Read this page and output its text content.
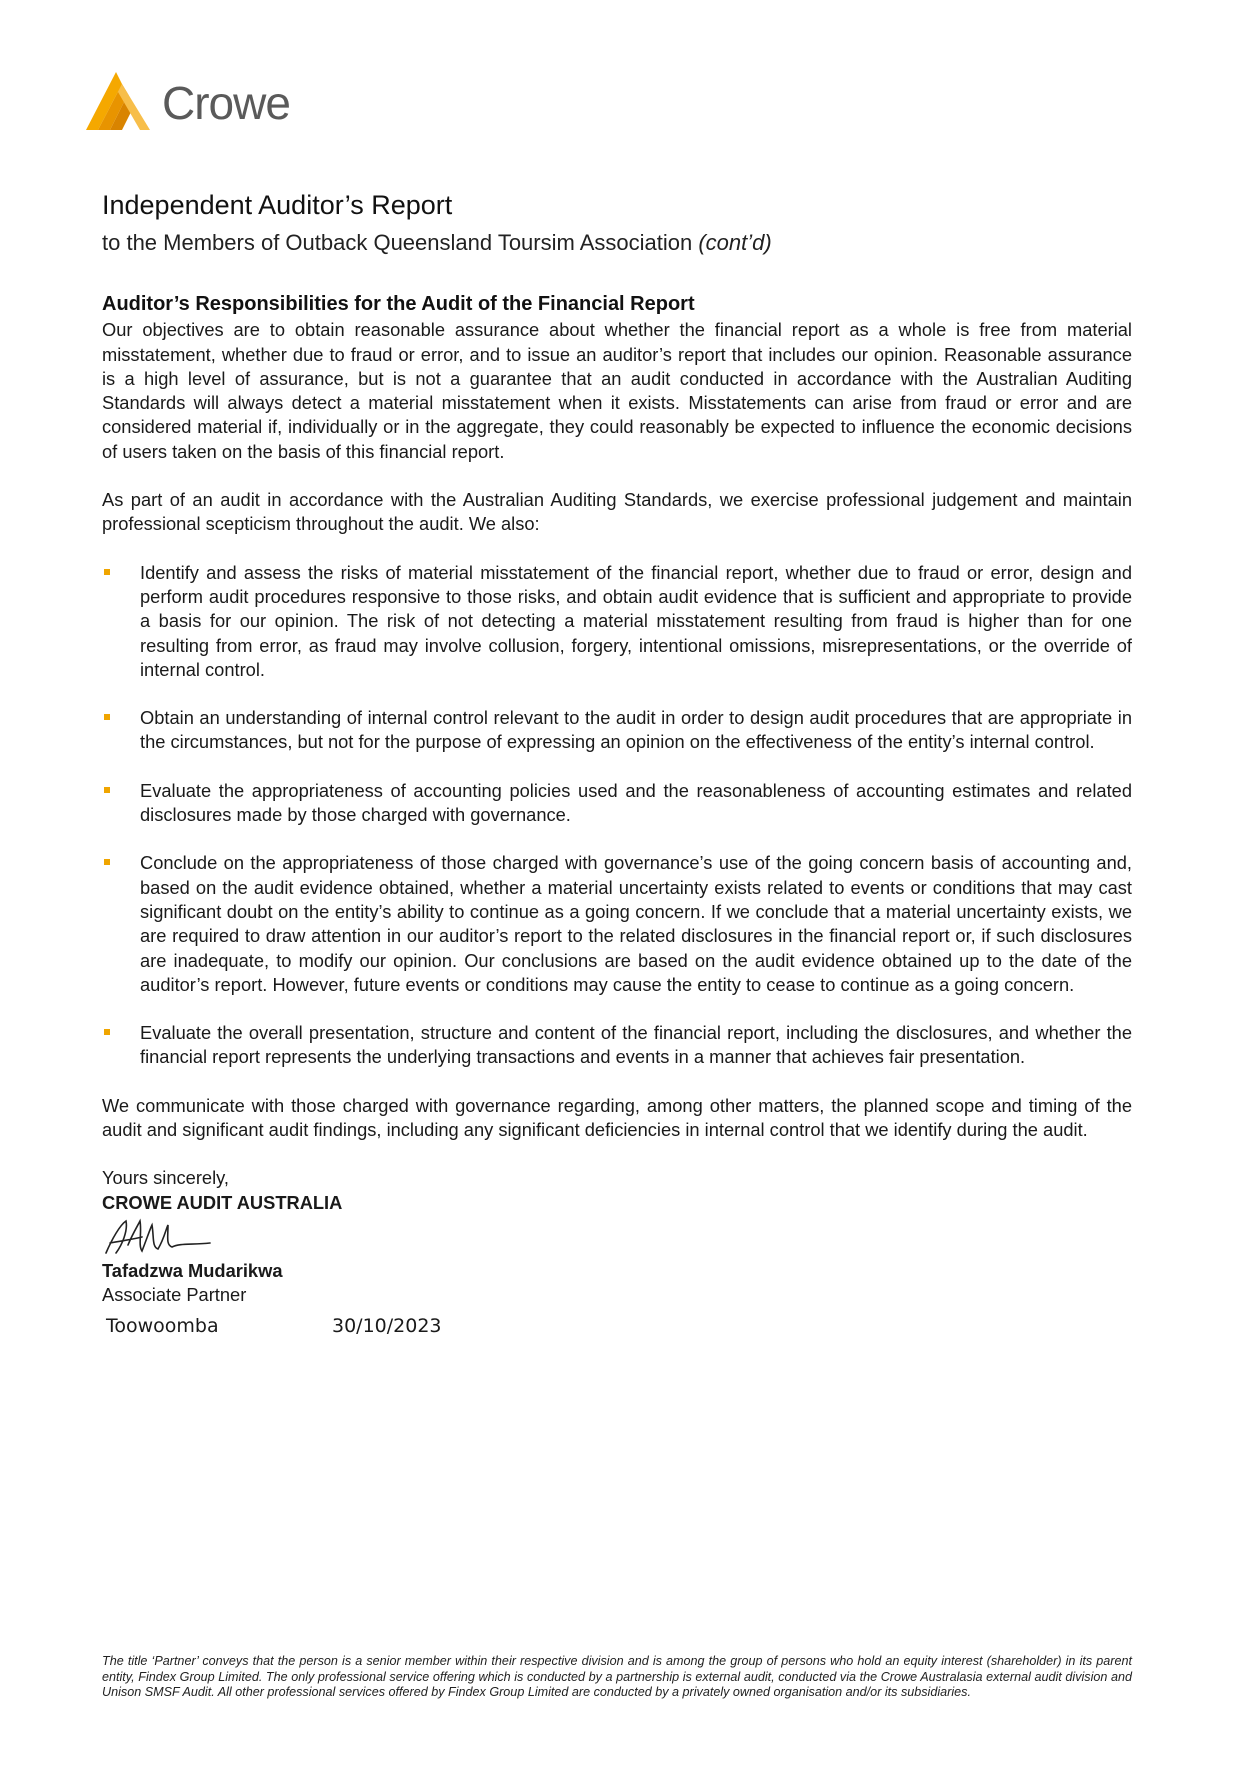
Crowe
Independent Auditor’s Report
to the Members of Outback Queensland Toursim Association (cont’d)
Auditor’s Responsibilities for the Audit of the Financial Report

Our objectives are to obtain reasonable assurance about whether the financial report as a whole is free from material misstatement, whether due to fraud or error, and to issue an auditor’s report that includes our opinion. Reasonable assurance is a high level of assurance, but is not a guarantee that an audit conducted in accordance with the Australian Auditing Standards will always detect a material misstatement when it exists. Misstatements can arise from fraud or error and are considered material if, individually or in the aggregate, they could reasonably be expected to influence the economic decisions of users taken on the basis of this financial report.

As part of an audit in accordance with the Australian Auditing Standards, we exercise professional judgement and maintain professional scepticism throughout the audit. We also:

Identify and assess the risks of material misstatement of the financial report, whether due to fraud or error, design and perform audit procedures responsive to those risks, and obtain audit evidence that is sufficient and appropriate to provide a basis for our opinion. The risk of not detecting a material misstatement resulting from fraud is higher than for one resulting from error, as fraud may involve collusion, forgery, intentional omissions, misrepresentations, or the override of internal control.
Obtain an understanding of internal control relevant to the audit in order to design audit procedures that are appropriate in the circumstances, but not for the purpose of expressing an opinion on the effectiveness of the entity’s internal control.
Evaluate the appropriateness of accounting policies used and the reasonableness of accounting estimates and related disclosures made by those charged with governance.
Conclude on the appropriateness of those charged with governance’s use of the going concern basis of accounting and, based on the audit evidence obtained, whether a material uncertainty exists related to events or conditions that may cast significant doubt on the entity’s ability to continue as a going concern. If we conclude that a material uncertainty exists, we are required to draw attention in our auditor’s report to the related disclosures in the financial report or, if such disclosures are inadequate, to modify our opinion. Our conclusions are based on the audit evidence obtained up to the date of the auditor’s report. However, future events or conditions may cause the entity to cease to continue as a going concern.
Evaluate the overall presentation, structure and content of the financial report, including the disclosures, and whether the financial report represents the underlying transactions and events in a manner that achieves fair presentation.

We communicate with those charged with governance regarding, among other matters, the planned scope and timing of the audit and significant audit findings, including any significant deficiencies in internal control that we identify during the audit.

Yours sincerely,
CROWE AUDIT AUSTRALIA
Tafadzwa Mudarikwa
Associate Partner
Toowoomba	30/10/2023
The title ‘Partner’ conveys that the person is a senior member within their respective division and is among the group of persons who hold an equity interest (shareholder) in its parent entity, Findex Group Limited. The only professional service offering which is conducted by a partnership is external audit, conducted via the Crowe Australasia external audit division and Unison SMSF Audit. All other professional services offered by Findex Group Limited are conducted by a privately owned organisation and/or its subsidiaries.
